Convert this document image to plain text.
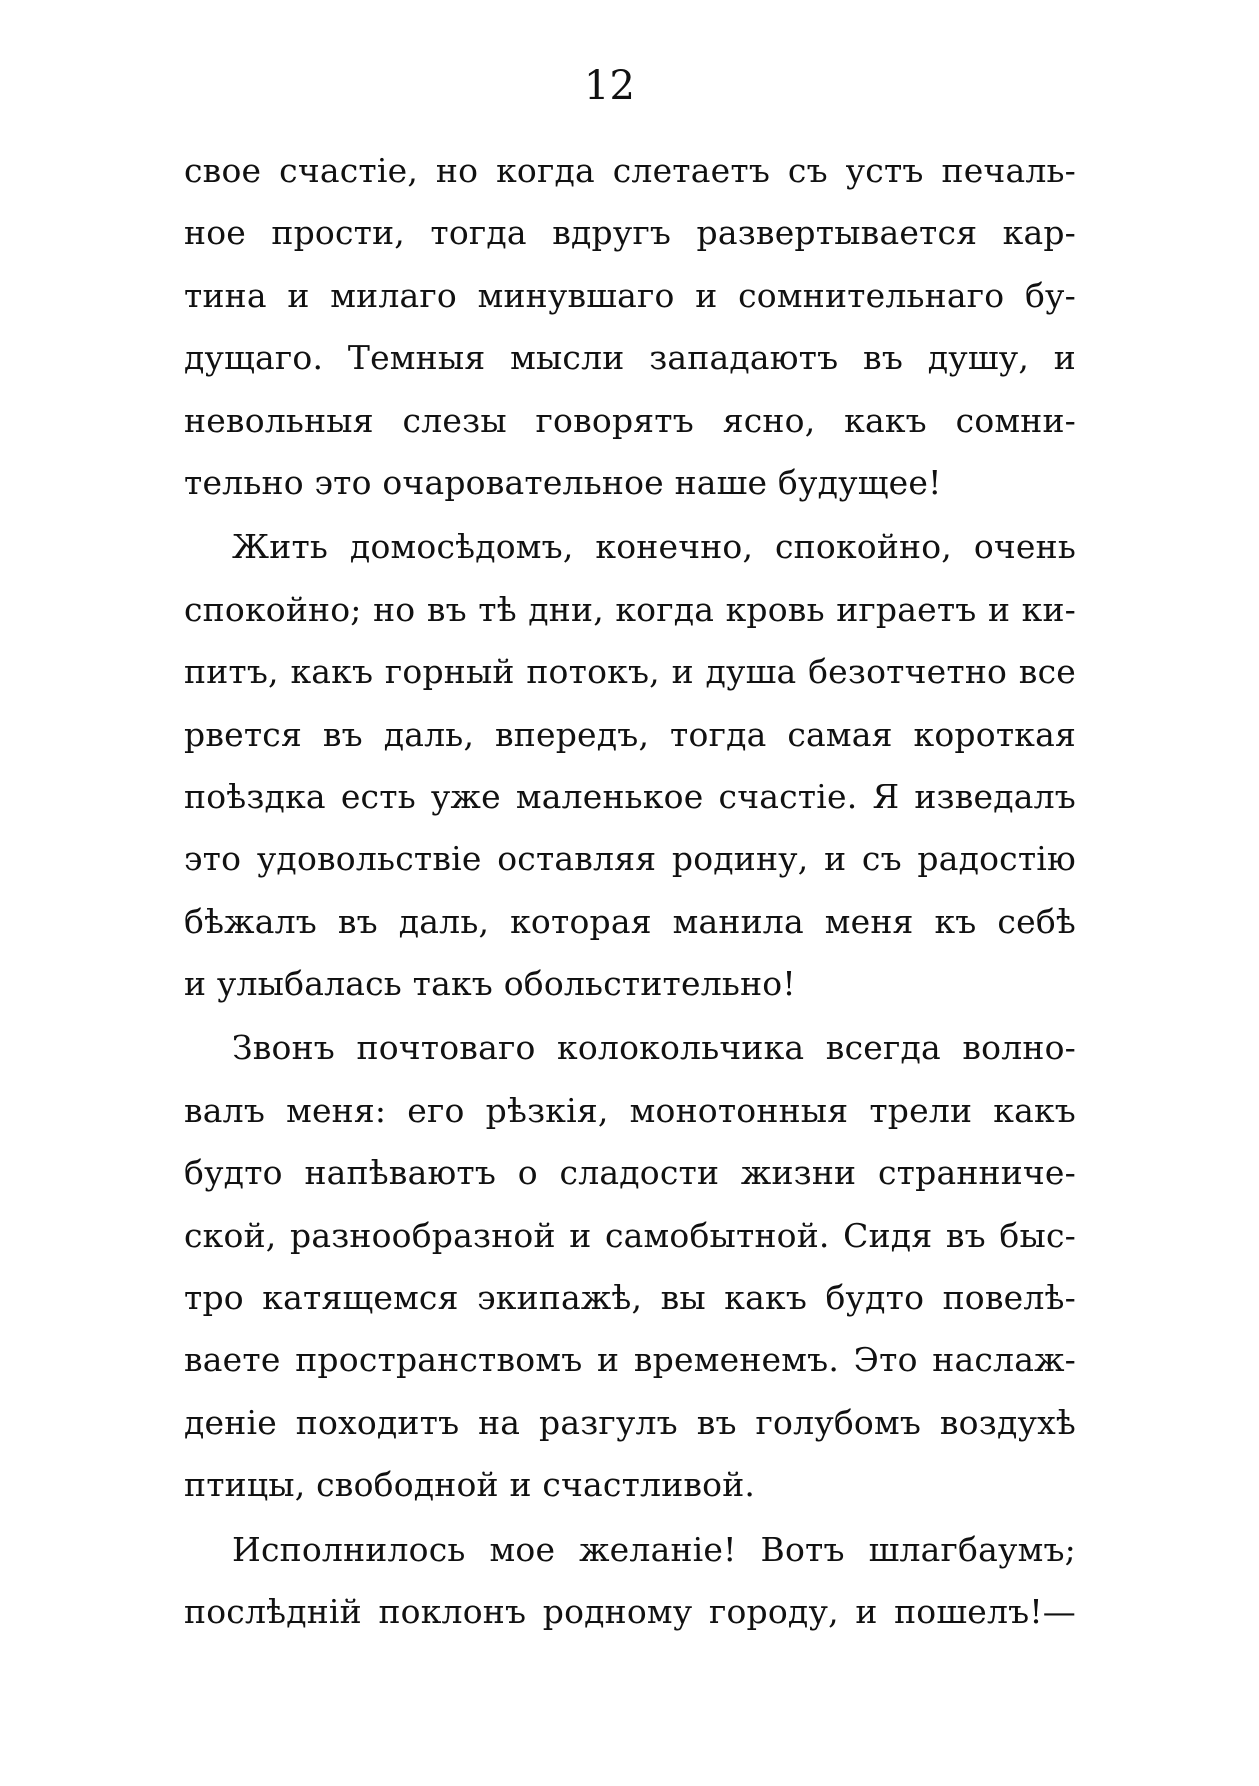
12
свое счастіе, но когда слетаетъ съ устъ печаль-
ное прости, тогда вдругъ развертывается кар-
тина и милаго минувшаго и сомнительнаго бу-
дущаго. Темныя мысли западаютъ въ душу, и
невольныя слезы говорятъ ясно, какъ сомни-
тельно это очаровательное наше будущее!
Жить домосѣдомъ, конечно, спокойно, очень
спокойно; но въ тѣ дни, когда кровь играетъ и ки-
питъ, какъ горный потокъ, и душа безотчетно все
рвется въ даль, впередъ, тогда самая короткая
поѣздка есть уже маленькое счастіе. Я изведалъ
это удовольствіе оставляя родину, и съ радостію
бѣжалъ въ даль, которая манила меня къ себѣ
и улыбалась такъ обольстительно!
Звонъ почтоваго колокольчика всегда волно-
валъ меня: его рѣзкія, монотонныя трели какъ
будто напѣваютъ о сладости жизни странниче-
ской, разнообразной и самобытной. Сидя въ быс-
тро катящемся экипажѣ, вы какъ будто повелѣ-
ваете пространствомъ и временемъ. Это наслаж-
деніе походитъ на разгулъ въ голубомъ воздухѣ
птицы, свободной и счастливой.
Исполнилось мое желаніе! Вотъ шлагбаумъ;
послѣдній поклонъ родному городу, и пошелъ!—
